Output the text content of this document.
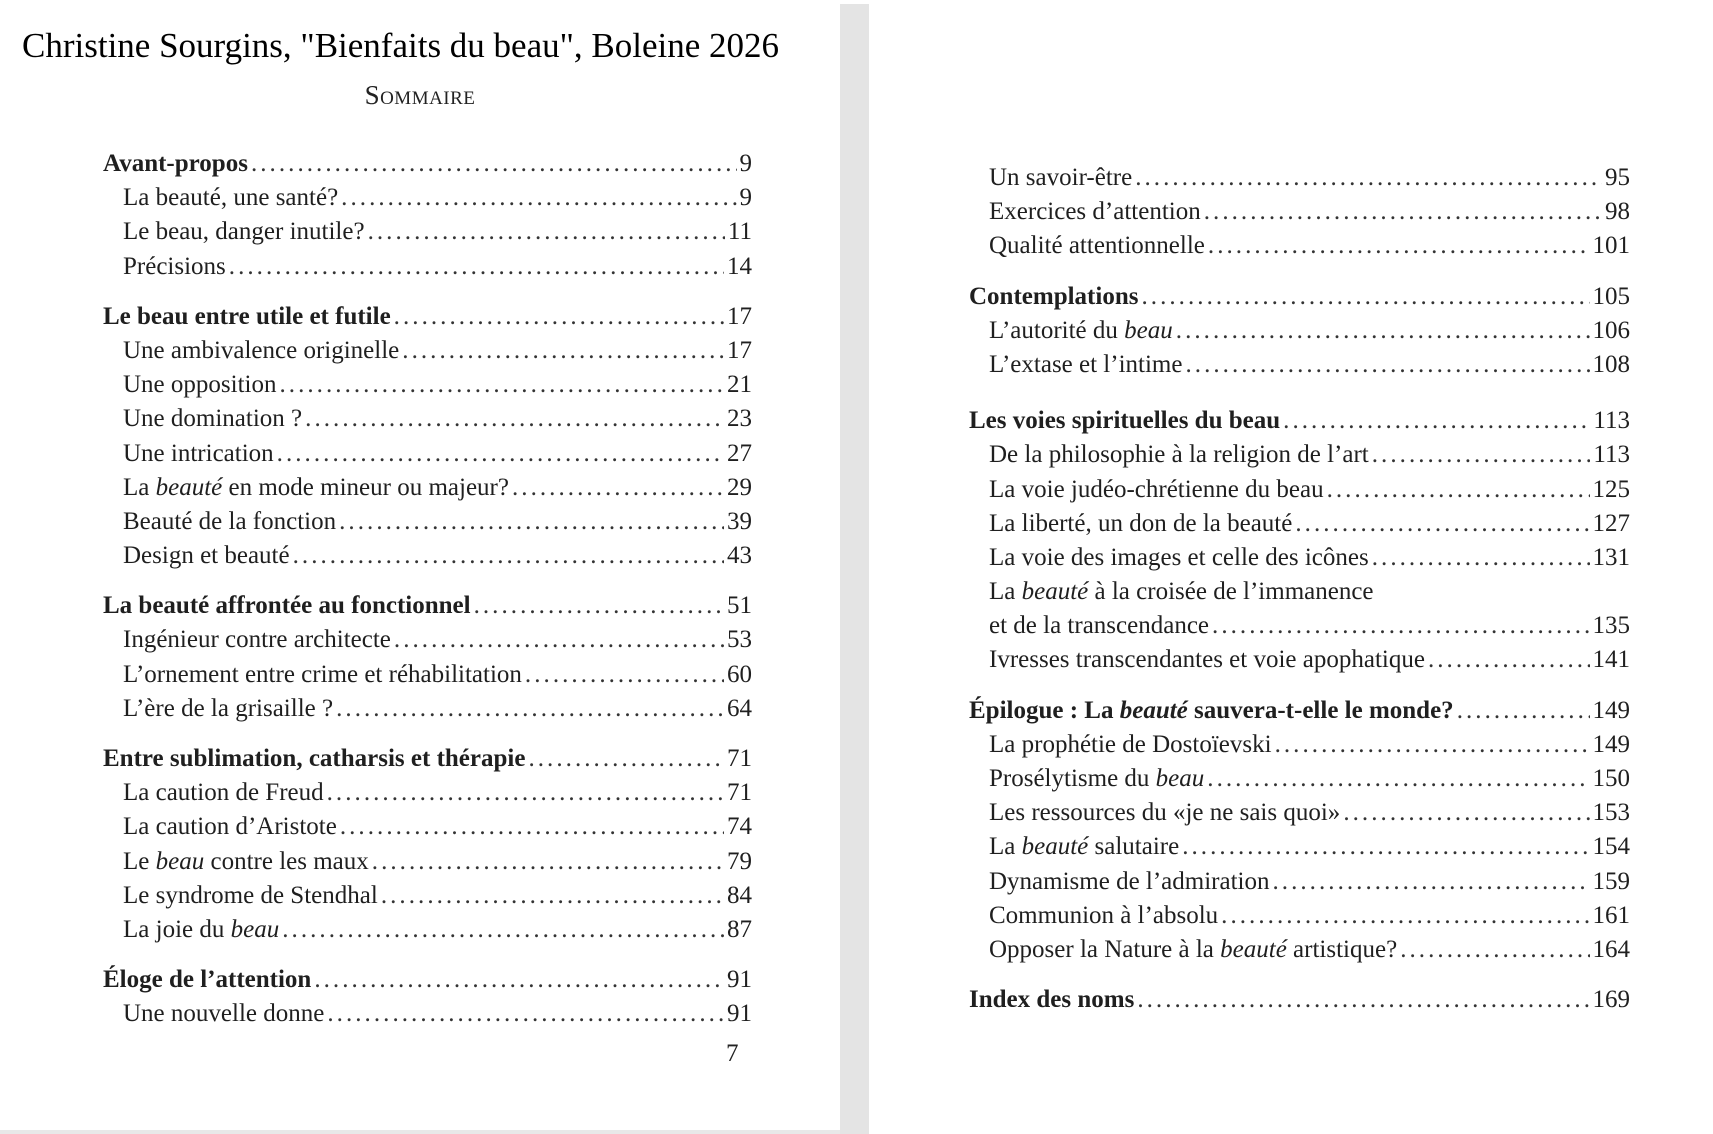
Christine Sourgins, "Bienfaits du beau", Boleine 2026
Sommaire
Avant-propos . . .	9
La beauté, une santé? . . .	9
Le beau, danger inutile? . . .	11
Précisions . . .	14
Le beau entre utile et futile . . .	17
Une ambivalence originelle . . .	17
Une opposition . . .	21
Une domination ? . . .	23
Une intrication . . .	27
La beauté en mode mineur ou majeur? . . .	29
Beauté de la fonction . . .	39
Design et beauté . . .	43
La beauté affrontée au fonctionnel . . .	51
Ingénieur contre architecte . . .	53
L’ornement entre crime et réhabilitation . . .	60
L’ère de la grisaille ? . . .	64
Entre sublimation, catharsis et thérapie . . .	71
La caution de Freud . . .	71
La caution d’Aristote . . .	74
Le beau contre les maux . . .	79
Le syndrome de Stendhal . . .	84
La joie du beau . . .	87
Éloge de l’attention . . .	91
Une nouvelle donne . . .	91
7
Un savoir-être . . .	95
Exercices d’attention . . .	98
Qualité attentionnelle . . .	101
Contemplations . . .	105
L’autorité du beau . . .	106
L’extase et l’intime . . .	108
Les voies spirituelles du beau . . .	113
De la philosophie à la religion de l’art . . .	113
La voie judéo-chrétienne du beau . . .	125
La liberté, un don de la beauté . . .	127
La voie des images et celle des icônes . . .	131
La beauté à la croisée de l’immanence
et de la transcendance . . .	135
Ivresses transcendantes et voie apophatique . . .	141
Épilogue : La beauté sauvera-t-elle le monde? . . .	149
La prophétie de Dostoïevski . . .	149
Prosélytisme du beau . . .	150
Les ressources du «je ne sais quoi» . . .	153
La beauté salutaire . . .	154
Dynamisme de l’admiration . . .	159
Communion à l’absolu . . .	161
Opposer la Nature à la beauté artistique? . . .	164
Index des noms . . .	169
